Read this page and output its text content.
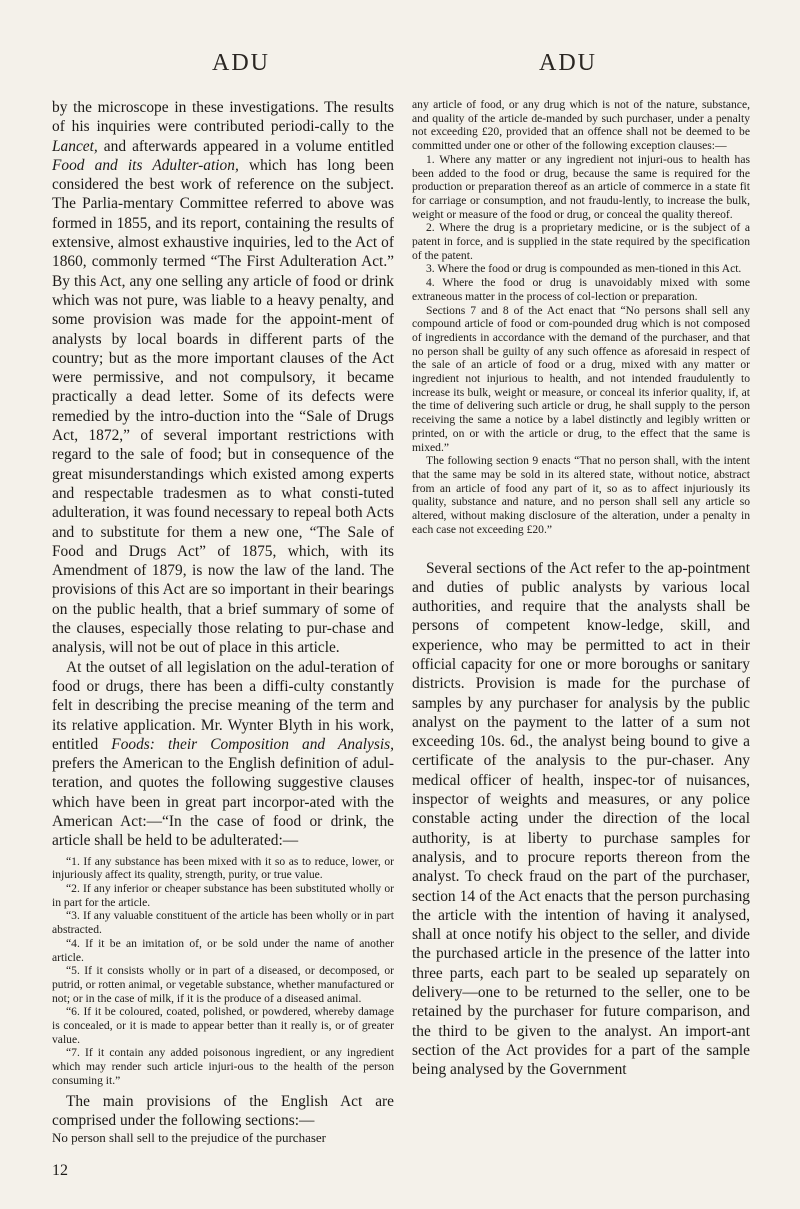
ADU	ADU

by the microscope in these investigations. The results of his inquiries were contributed periodi-cally to the Lancet, and afterwards appeared in a volume entitled Food and its Adulter-ation, which has long been considered the best work of reference on the subject. The Parlia-mentary Committee referred to above was formed in 1855, and its report, containing the results of extensive, almost exhaustive inquiries, led to the Act of 1860, commonly termed “The First Adulteration Act.” By this Act, any one selling any article of food or drink which was not pure, was liable to a heavy penalty, and some provision was made for the appoint-ment of analysts by local boards in different parts of the country; but as the more important clauses of the Act were permissive, and not compulsory, it became practically a dead letter. Some of its defects were remedied by the intro-duction into the “Sale of Drugs Act, 1872,” of several important restrictions with regard to the sale of food; but in consequence of the great misunderstandings which existed among experts and respectable tradesmen as to what consti-tuted adulteration, it was found necessary to repeal both Acts and to substitute for them a new one, “The Sale of Food and Drugs Act” of 1875, which, with its Amendment of 1879, is now the law of the land. The provisions of this Act are so important in their bearings on the public health, that a brief summary of some of the clauses, especially those relating to pur-chase and analysis, will not be out of place in this article.

At the outset of all legislation on the adul-teration of food or drugs, there has been a diffi-culty constantly felt in describing the precise meaning of the term and its relative application. Mr. Wynter Blyth in his work, entitled Foods: their Composition and Analysis, prefers the American to the English definition of adul-teration, and quotes the following suggestive clauses which have been in great part incorpor-ated with the American Act:—“In the case of food or drink, the article shall be held to be adulterated:—

“1. If any substance has been mixed with it so as to reduce, lower, or injuriously affect its quality, strength, purity, or true value.
“2. If any inferior or cheaper substance has been substituted wholly or in part for the article.
“3. If any valuable constituent of the article has been wholly or in part abstracted.
“4. If it be an imitation of, or be sold under the name of another article.
“5. If it consists wholly or in part of a diseased, or decomposed, or putrid, or rotten animal, or vegetable substance, whether manufactured or not; or in the case of milk, if it is the produce of a diseased animal.
“6. If it be coloured, coated, polished, or powdered, whereby damage is concealed, or it is made to appear better than it really is, or of greater value.
“7. If it contain any added poisonous ingredient, or any ingredient which may render such article injuri-ous to the health of the person consuming it.”

The main provisions of the English Act are comprised under the following sections:—

No person shall sell to the prejudice of the purchaser

any article of food, or any drug which is not of the nature, substance, and quality of the article de-manded by such purchaser, under a penalty not exceeding £20, provided that an offence shall not be deemed to be committed under one or other of the following exception clauses:—
1. Where any matter or any ingredient not injuri-ous to health has been added to the food or drug, because the same is required for the production or preparation thereof as an article of commerce in a state fit for carriage or consumption, and not fraudu-lently, to increase the bulk, weight or measure of the food or drug, or conceal the quality thereof.
2. Where the drug is a proprietary medicine, or is the subject of a patent in force, and is supplied in the state required by the specification of the patent.
3. Where the food or drug is compounded as men-tioned in this Act.
4. Where the food or drug is unavoidably mixed with some extraneous matter in the process of col-lection or preparation.
Sections 7 and 8 of the Act enact that “No persons shall sell any compound article of food or com-pounded drug which is not composed of ingredients in accordance with the demand of the purchaser, and that no person shall be guilty of any such offence as aforesaid in respect of the sale of an article of food or a drug, mixed with any matter or ingredient not injurious to health, and not intended fraudulently to increase its bulk, weight or measure, or conceal its inferior quality, if, at the time of delivering such article or drug, he shall supply to the person receiving the same a notice by a label distinctly and legibly written or printed, on or with the article or drug, to the effect that the same is mixed.”
The following section 9 enacts “That no person shall, with the intent that the same may be sold in its altered state, without notice, abstract from an article of food any part of it, so as to affect injuriously its quality, substance and nature, and no person shall sell any article so altered, without making disclosure of the alteration, under a penalty in each case not exceeding £20.”

Several sections of the Act refer to the ap-pointment and duties of public analysts by various local authorities, and require that the analysts shall be persons of competent know-ledge, skill, and experience, who may be permitted to act in their official capacity for one or more boroughs or sanitary districts. Provision is made for the purchase of samples by any purchaser for analysis by the public analyst on the payment to the latter of a sum not exceeding 10s. 6d., the analyst being bound to give a certificate of the analysis to the pur-chaser. Any medical officer of health, inspec-tor of nuisances, inspector of weights and measures, or any police constable acting under the direction of the local authority, is at liberty to purchase samples for analysis, and to procure reports thereon from the analyst. To check fraud on the part of the purchaser, section 14 of the Act enacts that the person purchasing the article with the intention of having it analysed, shall at once notify his object to the seller, and divide the purchased article in the presence of the latter into three parts, each part to be sealed up separately on delivery—one to be returned to the seller, one to be retained by the purchaser for future comparison, and the third to be given to the analyst. An import-ant section of the Act provides for a part of the sample being analysed by the Government

12
